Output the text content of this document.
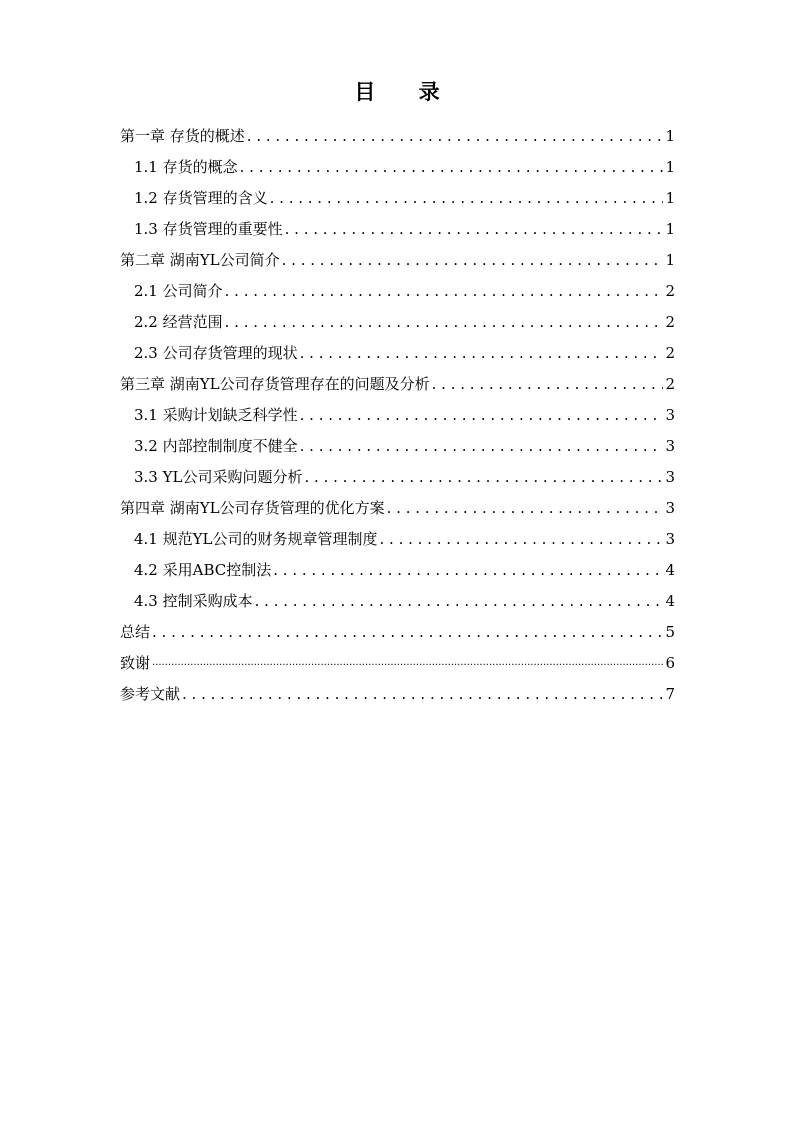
目 录
第一章 存货的概述 . . .	1
1.1 存货的概念 . . .	1
1.2 存货管理的含义 . . .	1
1.3 存货管理的重要性 . . .	1
第二章 湖南YL公司简介 . . .	1
2.1 公司简介 . . .	2
2.2 经营范围 . . .	2
2.3 公司存货管理的现状 . . .	2
第三章 湖南YL公司存货管理存在的问题及分析 . . .	2
3.1 采购计划缺乏科学性 . . .	3
3.2 内部控制制度不健全 . . .	3
3.3 YL公司采购问题分析 . . .	3
第四章 湖南YL公司存货管理的优化方案 . . .	3
4.1 规范YL公司的财务规章管理制度 . . .	3
4.2 采用ABC控制法 . . .	4
4.3 控制采购成本 . . .	4
总结 . . .	5
致谢 .....	6
参考文献 . . .	7
